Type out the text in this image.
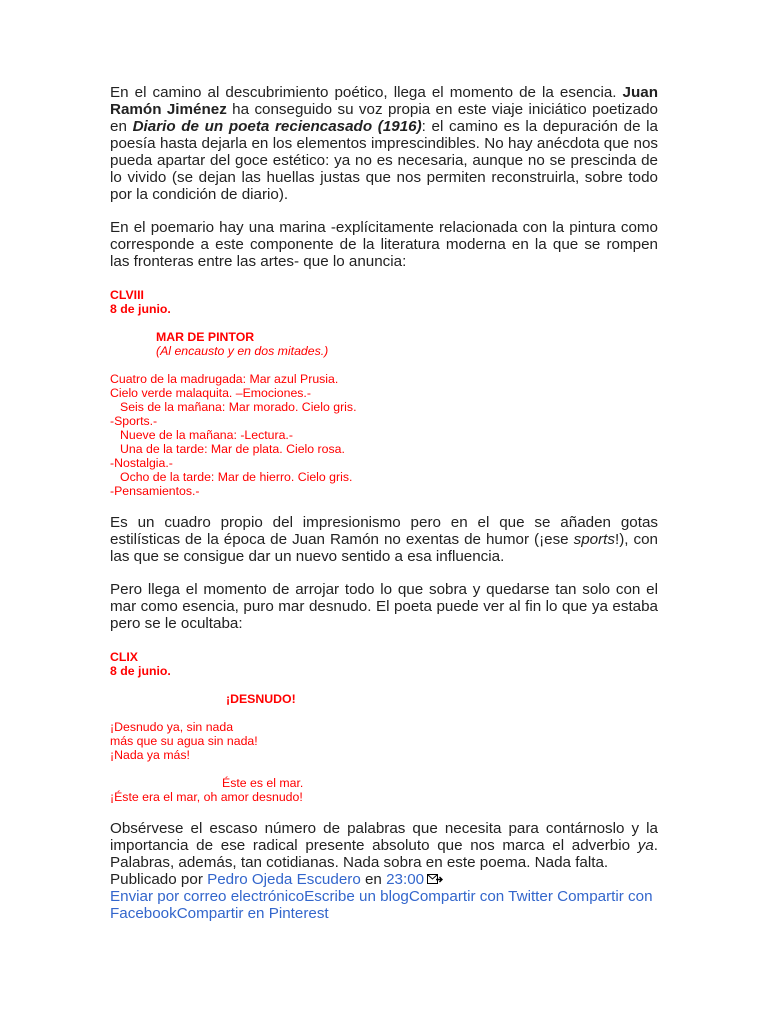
En el camino al descubrimiento poético, llega el momento de la esencia. Juan Ramón Jiménez ha conseguido su voz propia en este viaje iniciático poetizado en Diario de un poeta reciencasado (1916): el camino es la depuración de la poesía hasta dejarla en los elementos imprescindibles. No hay anécdota que nos pueda apartar del goce estético: ya no es necesaria, aunque no se prescinda de lo vivido (se dejan las huellas justas que nos permiten reconstruirla, sobre todo por la condición de diario).

En el poemario hay una marina -explícitamente relacionada con la pintura como corresponde a este componente de la literatura moderna en la que se rompen las fronteras entre las artes- que lo anuncia:

CLVIII
8 de junio.
MAR DE PINTOR
(Al encausto y en dos mitades.)
Cuatro de la madrugada: Mar azul Prusia.
Cielo verde malaquita. –Emociones.-
Seis de la mañana: Mar morado. Cielo gris.
-Sports.-
Nueve de la mañana: -Lectura.-
Una de la tarde: Mar de plata. Cielo rosa.
-Nostalgia.-
Ocho de la tarde: Mar de hierro. Cielo gris.
-Pensamientos.-

Es un cuadro propio del impresionismo pero en el que se añaden gotas estilísticas de la época de Juan Ramón no exentas de humor (¡ese sports!), con las que se consigue dar un nuevo sentido a esa influencia.

Pero llega el momento de arrojar todo lo que sobra y quedarse tan solo con el mar como esencia, puro mar desnudo. El poeta puede ver al fin lo que ya estaba pero se le ocultaba:

CLIX
8 de junio.
¡DESNUDO!
¡Desnudo ya, sin nada
más que su agua sin nada!
¡Nada ya más!
Éste es el mar.
¡Éste era el mar, oh amor desnudo!

Obsérvese el escaso número de palabras que necesita para contárnoslo y la importancia de ese radical presente absoluto que nos marca el adverbio ya. Palabras, además, tan cotidianas. Nada sobra en este poema. Nada falta.

Publicado por Pedro Ojeda Escudero en 23:00
Enviar por correo electrónicoEscribe un blogCompartir con Twitter Compartir con FacebookCompartir en Pinterest
